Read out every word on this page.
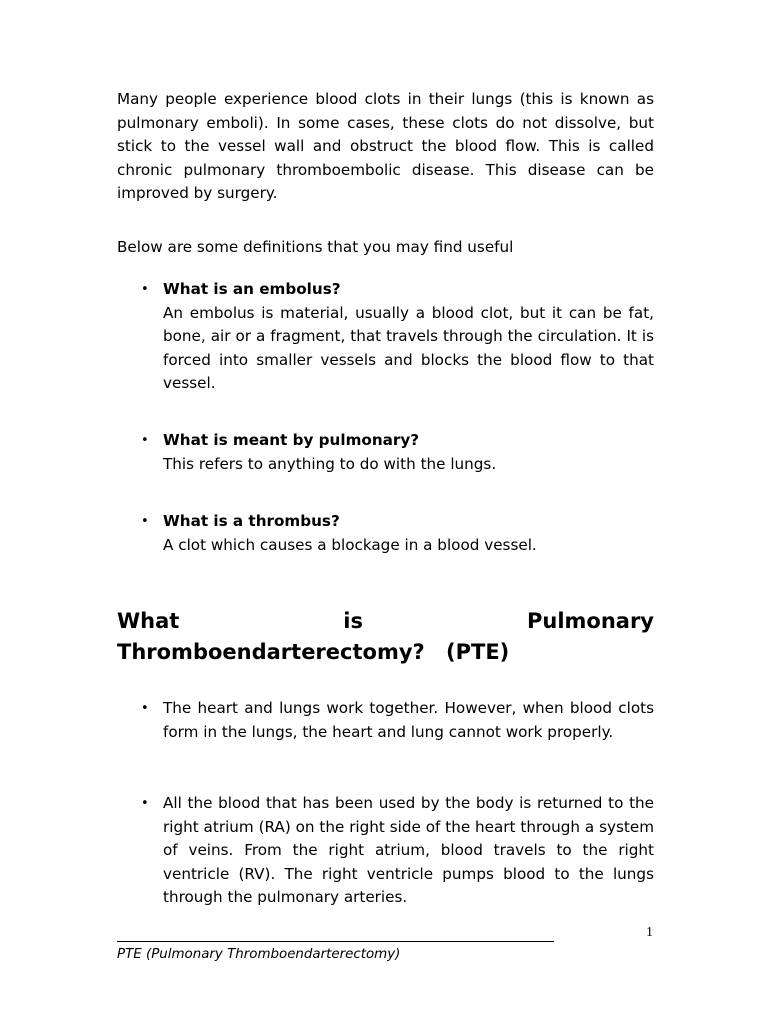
Many people experience blood clots in their lungs (this is known as pulmonary emboli). In some cases, these clots do not dissolve, but stick to the vessel wall and obstruct the blood flow. This is called chronic pulmonary thromboembolic disease. This disease can be improved by surgery.

Below are some definitions that you may find useful

• What is an embolus?
An embolus is material, usually a blood clot, but it can be fat, bone, air or a fragment, that travels through the circulation. It is forced into smaller vessels and blocks the blood flow to that vessel.
• What is meant by pulmonary?
This refers to anything to do with the lungs.
• What is a thrombus?
A clot which causes a blockage in a blood vessel.
What is Pulmonary Thromboendarterectomy? (PTE)
• The heart and lungs work together. However, when blood clots form in the lungs, the heart and lung cannot work properly.
• All the blood that has been used by the body is returned to the right atrium (RA) on the right side of the heart through a system of veins. From the right atrium, blood travels to the right ventricle (RV). The right ventricle pumps blood to the lungs through the pulmonary arteries.
1

PTE (Pulmonary Thromboendarterectomy)
